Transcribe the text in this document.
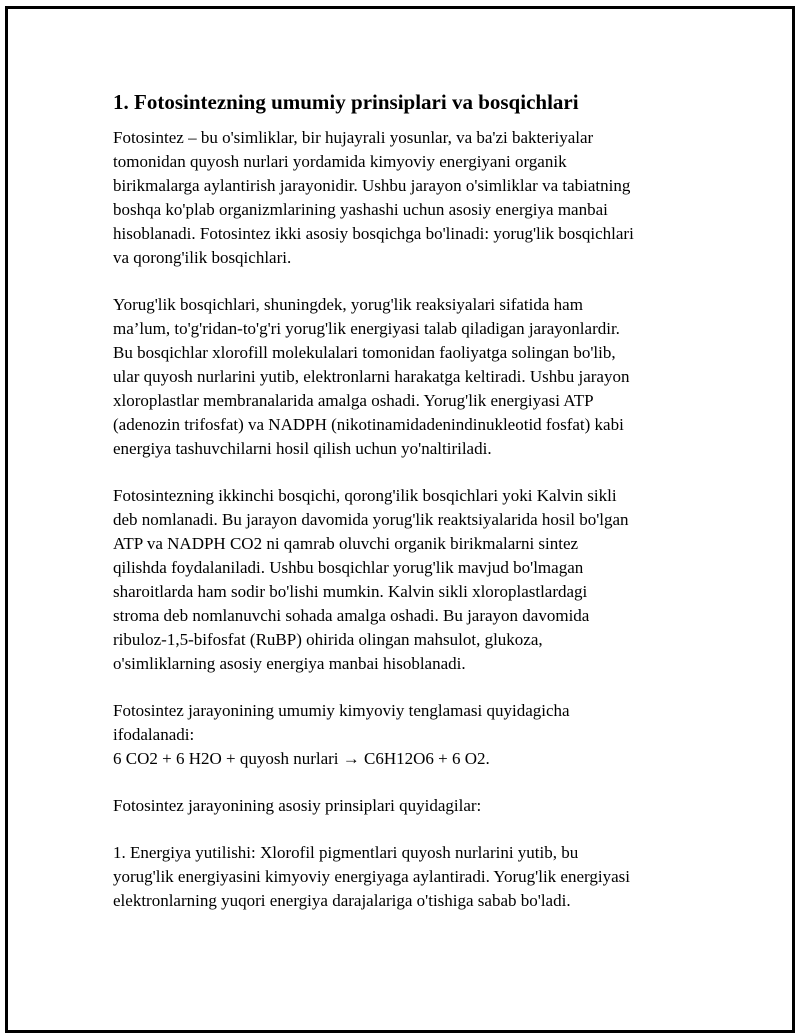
1. Fotosintezning umumiy prinsiplari va bosqichlari

Fotosintez – bu o'simliklar, bir hujayrali yosunlar, va ba'zi bakteriyalar
tomonidan quyosh nurlari yordamida kimyoviy energiyani organik
birikmalarga aylantirish jarayonidir. Ushbu jarayon o'simliklar va tabiatning
boshqa ko'plab organizmlarining yashashi uchun asosiy energiya manbai
hisoblanadi. Fotosintez ikki asosiy bosqichga bo'linadi: yorug'lik bosqichlari
va qorong'ilik bosqichlari.

Yorug'lik bosqichlari, shuningdek, yorug'lik reaksiyalari sifatida ham
ma’lum, to'g'ridan-to'g'ri yorug'lik energiyasi talab qiladigan jarayonlardir.
Bu bosqichlar xlorofill molekulalari tomonidan faoliyatga solingan bo'lib,
ular quyosh nurlarini yutib, elektronlarni harakatga keltiradi. Ushbu jarayon
xloroplastlar membranalarida amalga oshadi. Yorug'lik energiyasi ATP
(adenozin trifosfat) va NADPH (nikotinamidadenindinukleotid fosfat) kabi
energiya tashuvchilarni hosil qilish uchun yo'naltiriladi.

Fotosintezning ikkinchi bosqichi, qorong'ilik bosqichlari yoki Kalvin sikli
deb nomlanadi. Bu jarayon davomida yorug'lik reaktsiyalarida hosil bo'lgan
ATP va NADPH CO2 ni qamrab oluvchi organik birikmalarni sintez
qilishda foydalaniladi. Ushbu bosqichlar yorug'lik mavjud bo'lmagan
sharoitlarda ham sodir bo'lishi mumkin. Kalvin sikli xloroplastlardagi
stroma deb nomlanuvchi sohada amalga oshadi. Bu jarayon davomida
ribuloz-1,5-bifosfat (RuBP) ohirida olingan mahsulot, glukoza,
o'simliklarning asosiy energiya manbai hisoblanadi.

Fotosintez jarayonining umumiy kimyoviy tenglamasi quyidagicha
ifodalanadi:
6 CO2 + 6 H2O + quyosh nurlari → C6H12O6 + 6 O2.

Fotosintez jarayonining asosiy prinsiplari quyidagilar:

1. Energiya yutilishi: Xlorofil pigmentlari quyosh nurlarini yutib, bu
yorug'lik energiyasini kimyoviy energiyaga aylantiradi. Yorug'lik energiyasi
elektronlarning yuqori energiya darajalariga o'tishiga sabab bo'ladi.
